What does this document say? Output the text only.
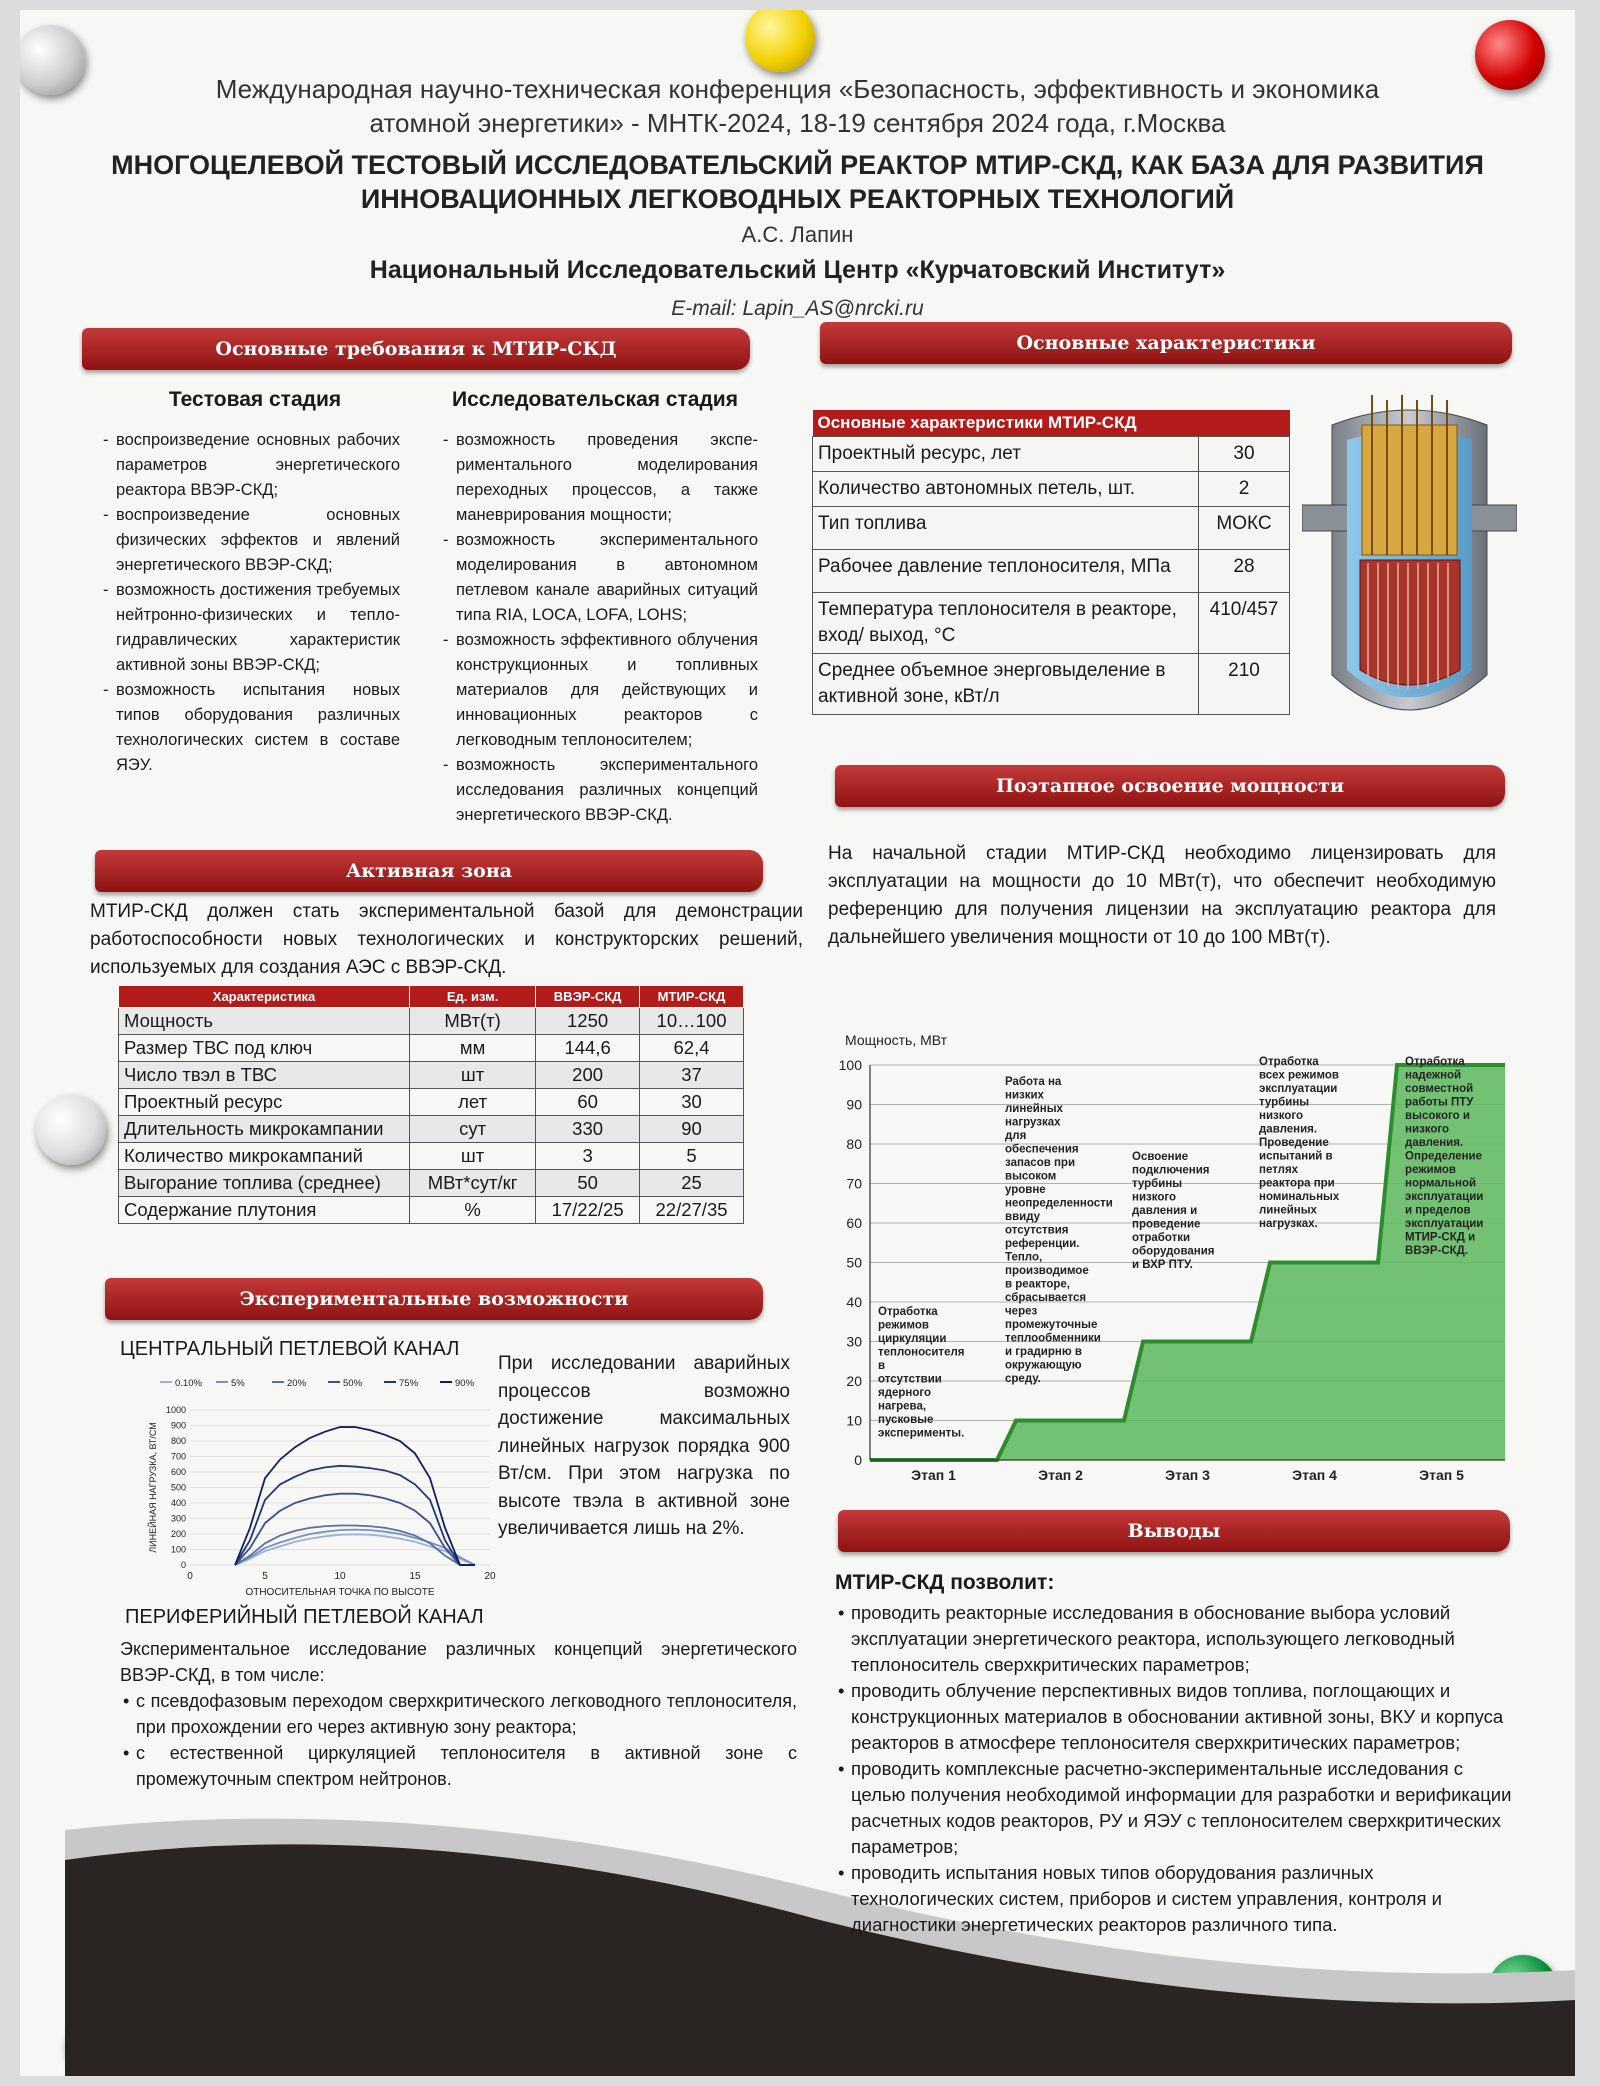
Международная научно-техническая конференция «Безопасность, эффективность и экономика
атомной энергетики» - МНТК-2024, 18-19 сентября 2024 года, г.Москва
МНОГОЦЕЛЕВОЙ ТЕСТОВЫЙ ИССЛЕДОВАТЕЛЬСКИЙ РЕАКТОР МТИР-СКД, КАК БАЗА ДЛЯ РАЗВИТИЯ
ИННОВАЦИОННЫХ ЛЕГКОВОДНЫХ РЕАКТОРНЫХ ТЕХНОЛОГИЙ
А.С. Лапин
Национальный Исследовательский Центр «Курчатовский Институт»
E-mail: Lapin_AS@nrcki.ru
Основные требования к МТИР-СКД
Тестовая стадия	Исследовательская стадия
- воспроизведение основных рабочих параметров энергетического реактора ВВЭР-СКД;
- воспроизведение основных физических эффектов и явлений энергетического ВВЭР-СКД;
- возможность достижения требуемых нейтронно-физических и тепло-гидравлических характеристик активной зоны ВВЭР-СКД;
- возможность испытания новых типов оборудования различных технологических систем в составе ЯЭУ.
- возможность проведения экспе-риментального моделирования переходных процессов, а также маневрирования мощности;
- возможность экспериментального моделирования в автономном петлевом канале аварийных ситуаций типа RIA, LOCA, LOFA, LOHS;
- возможность эффективного облучения конструкционных и топливных материалов для действующих и инновационных реакторов с легководным теплоносителем;
- возможность экспериментального исследования различных концепций энергетического ВВЭР-СКД.
Основные характеристики
Основные характеристики МТИР-СКД	
Проектный ресурс, лет	30
Количество автономных петель, шт.	2
Тип топлива	МОКС
Рабочее давление теплоносителя, МПа	28
Температура теплоносителя в реакторе, вход/ выход, °С	410/457
Среднее объемное энерговыделение в активной зоне, кВт/л	210
Поэтапное освоение мощности
На начальной стадии МТИР-СКД необходимо лицензировать для эксплуатации на мощности до 10 МВт(т), что обеспечит необходимую референцию для получения лицензии на эксплуатацию реактора для дальнейшего увеличения мощности от 10 до 100 МВт(т).
Мощность, МВт
0
10
20
30
40
50
60
70
80
90
100
Этап 1	Этап 2	Этап 3	Этап 4	Этап 5
Отработка режимов циркуляции теплоносителя в отсутствии ядерного нагрева, пусковые эксперименты.
Работа на низких линейных нагрузках для обеспечения запасов при высоком уровне неопределенности ввиду отсутствия референции. Тепло, производимое в реакторе, сбрасывается через промежуточные теплообменники и градирню в окружающую среду.
Освоение подключения турбины низкого давления и проведение отработки оборудования и ВХР ПТУ.
Отработка всех режимов эксплуатации турбины низкого давления. Проведение испытаний в петлях реактора при номинальных линейных нагрузках.
Отработка надежной совместной работы ПТУ высокого и низкого давления. Определение режимов нормальной эксплуатации и пределов эксплуатации МТИР-СКД и ВВЭР-СКД.
Активная зона
МТИР-СКД должен стать экспериментальной базой для демонстрации работоспособности новых технологических и конструкторских решений, используемых для создания АЭС с ВВЭР-СКД.
Характеристика	Ед. изм.	ВВЭР-СКД	МТИР-СКД
Мощность	МВт(т)	1250	10…100
Размер ТВС под ключ	мм	144,6	62,4
Число твэл в ТВС	шт	200	37
Проектный ресурс	лет	60	30
Длительность микрокампании	сут	330	90
Количество микрокампаний	шт	3	5
Выгорание топлива (среднее)	МВт*сут/кг	50	25
Содержание плутония	%	17/22/25	22/27/35
Экспериментальные возможности
ЦЕНТРАЛЬНЫЙ ПЕТЛЕВОЙ КАНАЛ
0
100
200
300
400
500
600
700
800
900
1000
0	5	10	15	20
ОТНОСИТЕЛЬНАЯ ТОЧКА ПО ВЫСОТЕ
ЛИНЕЙНАЯ НАГРУЗКА, ВТ/СМ
0.10%	5%	20%	50%	75%	90%
При исследовании аварийных процессов возможно достижение максимальных линейных нагрузок порядка 900 Вт/см. При этом нагрузка по высоте твэла в активной зоне увеличивается лишь на 2%.
ПЕРИФЕРИЙНЫЙ ПЕТЛЕВОЙ КАНАЛ
Экспериментальное исследование различных концепций энергетического ВВЭР-СКД, в том числе:
• с псевдофазовым переходом сверхкритического легководного теплоносителя, при прохождении его через активную зону реактора;
• с естественной циркуляцией теплоносителя в активной зоне с промежуточным спектром нейтронов.
Выводы
МТИР-СКД позволит:
• проводить реакторные исследования в обоснование выбора условий эксплуатации энергетического реактора, использующего легководный теплоноситель сверхкритических параметров;
• проводить облучение перспективных видов топлива, поглощающих и конструкционных материалов в обосновании активной зоны, ВКУ и корпуса реакторов в атмосфере теплоносителя сверхкритических параметров;
• проводить комплексные расчетно-экспериментальные исследования с целью получения необходимой информации для разработки и верификации расчетных кодов реакторов, РУ и ЯЭУ с теплоносителем сверхкритических параметров;
• проводить испытания новых типов оборудования различных технологических систем, приборов и систем управления, контроля и диагностики энергетических реакторов различного типа.
